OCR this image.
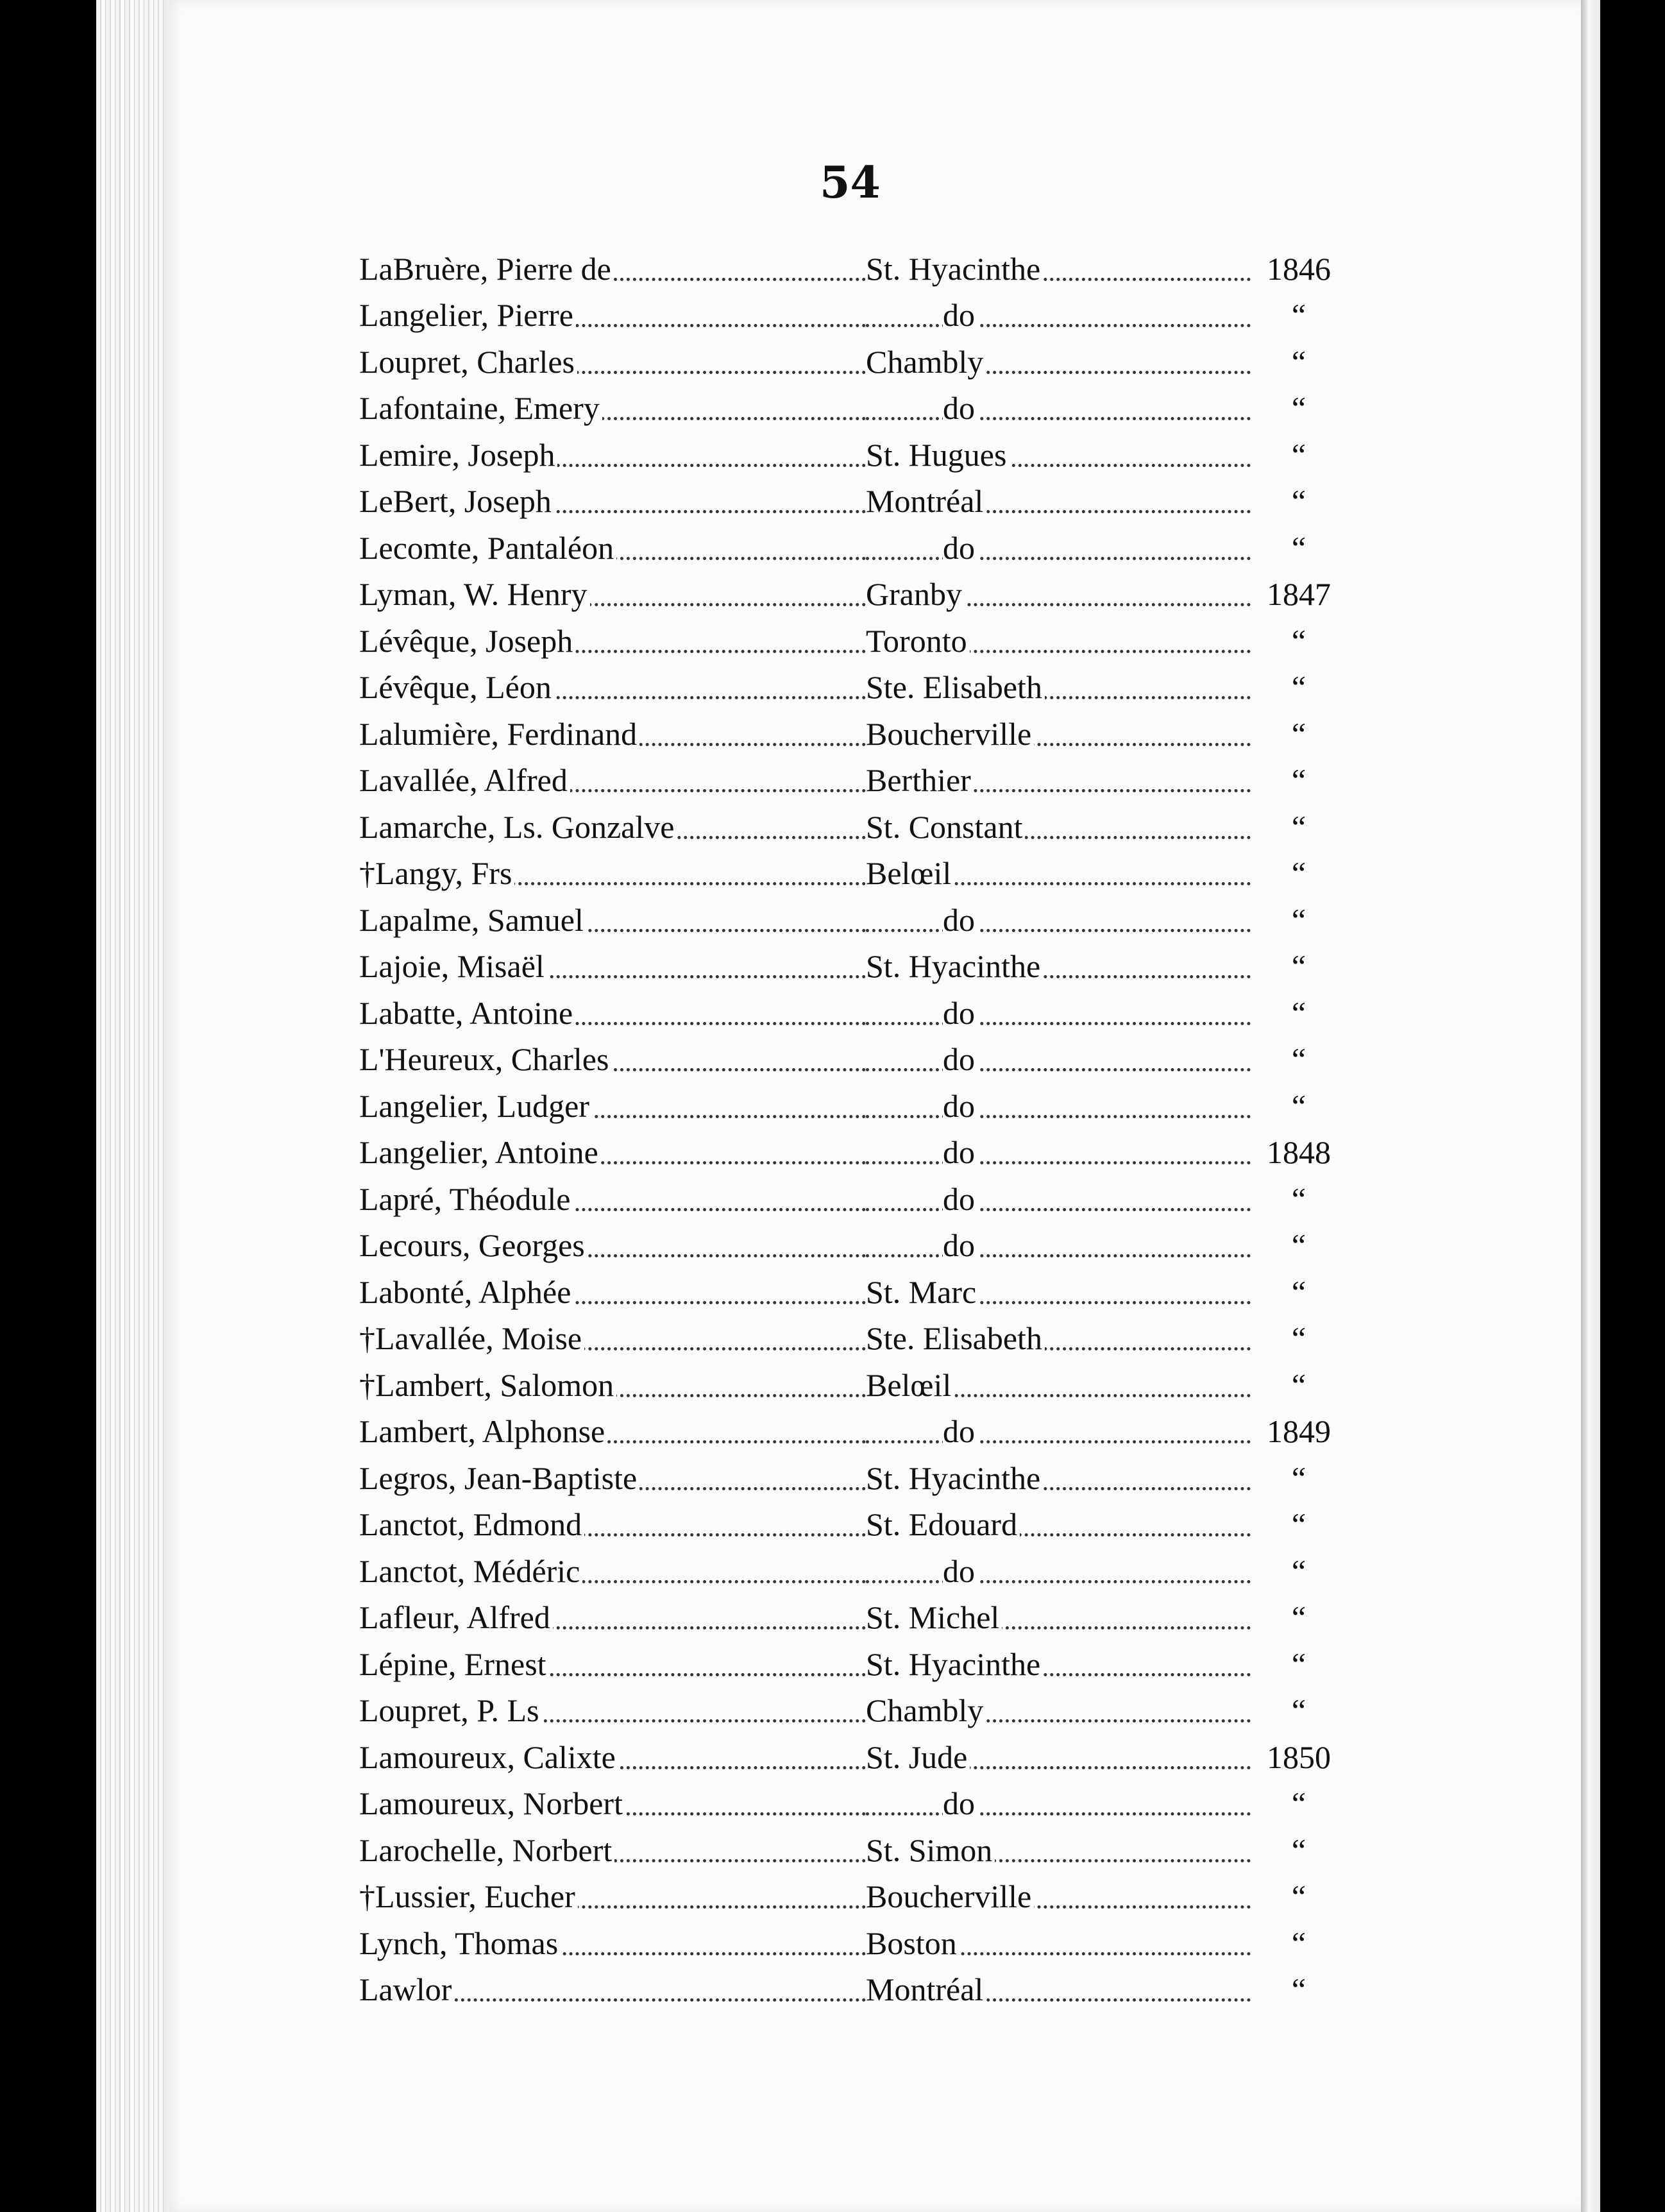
54
LaBruère, Pierre de	St. Hyacinthe	1846
Langelier, Pierre	do	“
Loupret, Charles	Chambly	“
Lafontaine, Emery	do	“
Lemire, Joseph	St. Hugues	“
LeBert, Joseph	Montréal	“
Lecomte, Pantaléon	do	“
Lyman, W. Henry	Granby	1847
Lévêque, Joseph	Toronto	“
Lévêque, Léon	Ste. Elisabeth	“
Lalumière, Ferdinand	Boucherville	“
Lavallée, Alfred	Berthier	“
Lamarche, Ls. Gonzalve	St. Constant	“
†Langy, Frs	Belœil	“
Lapalme, Samuel	do	“
Lajoie, Misaël	St. Hyacinthe	“
Labatte, Antoine	do	“
L'Heureux, Charles	do	“
Langelier, Ludger	do	“
Langelier, Antoine	do	1848
Lapré, Théodule	do	“
Lecours, Georges	do	“
Labonté, Alphée	St. Marc	“
†Lavallée, Moise	Ste. Elisabeth	“
†Lambert, Salomon	Belœil	“
Lambert, Alphonse	do	1849
Legros, Jean-Baptiste	St. Hyacinthe	“
Lanctot, Edmond	St. Edouard	“
Lanctot, Médéric	do	“
Lafleur, Alfred	St. Michel	“
Lépine, Ernest	St. Hyacinthe	“
Loupret, P. Ls	Chambly	“
Lamoureux, Calixte	St. Jude	1850
Lamoureux, Norbert	do	“
Larochelle, Norbert	St. Simon	“
†Lussier, Eucher	Boucherville	“
Lynch, Thomas	Boston	“
Lawlor	Montréal	“
